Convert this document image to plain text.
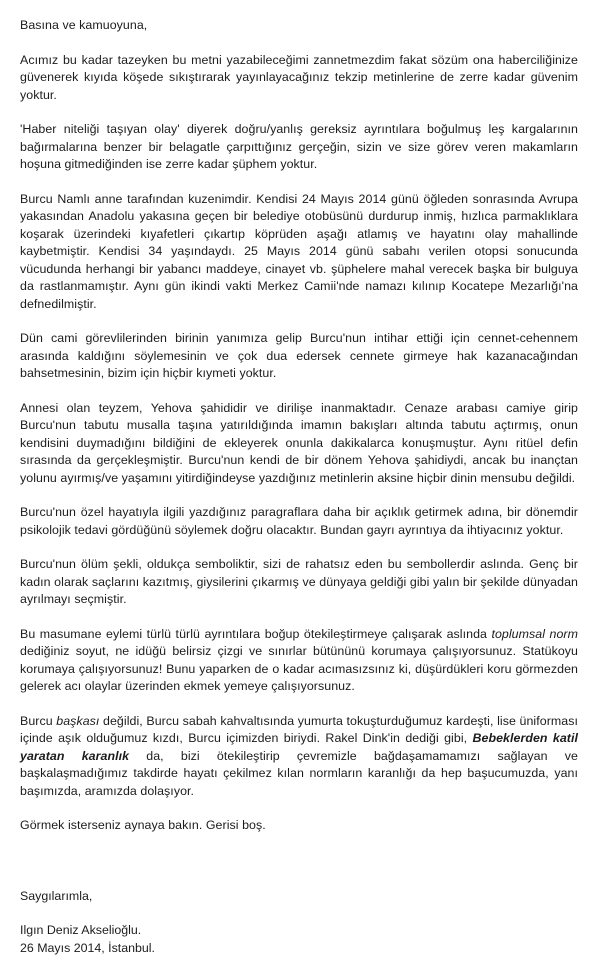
Basına ve kamuoyuna,

Acımız bu kadar tazeyken bu metni yazabileceğimi zannetmezdim fakat sözüm ona haberciliğinize güvenerek kıyıda köşede sıkıştırarak yayınlayacağınız tekzip metinlerine de zerre kadar güvenim yoktur.

'Haber niteliği taşıyan olay' diyerek doğru/yanlış gereksiz ayrıntılara boğulmuş leş kargalarının bağırmalarına benzer bir belagatle çarpıttığınız gerçeğin, sizin ve size görev veren makamların hoşuna gitmediğinden ise zerre kadar şüphem yoktur.

Burcu Namlı anne tarafından kuzenimdir. Kendisi 24 Mayıs 2014 günü öğleden sonrasında Avrupa yakasından Anadolu yakasına geçen bir belediye otobüsünü durdurup inmiş, hızlıca parmaklıklara koşarak üzerindeki kıyafetleri çıkartıp köprüden aşağı atlamış ve hayatını olay mahallinde kaybetmiştir. Kendisi 34 yaşındaydı. 25 Mayıs 2014 günü sabahı verilen otopsi sonucunda vücudunda herhangi bir yabancı maddeye, cinayet vb. şüphelere mahal verecek başka bir bulguya da rastlanmamıştır. Aynı gün ikindi vakti Merkez Camii'nde namazı kılınıp Kocatepe Mezarlığı'na defnedilmiştir.

Dün cami görevlilerinden birinin yanımıza gelip Burcu'nun intihar ettiği için cennet-cehennem arasında kaldığını söylemesinin ve çok dua edersek cennete girmeye hak kazanacağından bahsetmesinin, bizim için hiçbir kıymeti yoktur.

Annesi olan teyzem, Yehova şahididir ve dirilişe inanmaktadır. Cenaze arabası camiye girip Burcu'nun tabutu musalla taşına yatırıldığında imamın bakışları altında tabutu açtırmış, onun kendisini duymadığını bildiğini de ekleyerek onunla dakikalarca konuşmuştur. Aynı ritüel defin sırasında da gerçekleşmiştir. Burcu'nun kendi de bir dönem Yehova şahidiydi, ancak bu inançtan yolunu ayırmış/ve yaşamını yitirdiğindeyse yazdığınız metinlerin aksine hiçbir dinin mensubu değildi.

Burcu'nun özel hayatıyla ilgili yazdığınız paragraflara daha bir açıklık getirmek adına, bir dönemdir psikolojik tedavi gördüğünü söylemek doğru olacaktır. Bundan gayrı ayrıntıya da ihtiyacınız yoktur.

Burcu'nun ölüm şekli, oldukça semboliktir, sizi de rahatsız eden bu sembollerdir aslında. Genç bir kadın olarak saçlarını kazıtmış, giysilerini çıkarmış ve dünyaya geldiği gibi yalın bir şekilde dünyadan ayrılmayı seçmiştir.

Bu masumane eylemi türlü türlü ayrıntılara boğup ötekileştirmeye çalışarak aslında toplumsal norm dediğiniz soyut, ne idüğü belirsiz çizgi ve sınırlar bütününü korumaya çalışıyorsunuz. Statükoyu korumaya çalışıyorsunuz! Bunu yaparken de o kadar acımasızsınız ki, düşürdükleri koru görmezden gelerek acı olaylar üzerinden ekmek yemeye çalışıyorsunuz.

Burcu başkası değildi, Burcu sabah kahvaltısında yumurta tokuşturduğumuz kardeşti, lise üniforması içinde aşık olduğumuz kızdı, Burcu içimizden biriydi. Rakel Dink'in dediği gibi, Bebeklerden katil yaratan karanlık da, bizi ötekileştirip çevremizle bağdaşamamamızı sağlayan ve başkalaşmadığımız takdirde hayatı çekilmez kılan normların karanlığı da hep başucumuzda, yanı başımızda, aramızda dolaşıyor.

Görmek isterseniz aynaya bakın. Gerisi boş.

Saygılarımla,

Ilgın Deniz Akselioğlu.

26 Mayıs 2014, İstanbul.
